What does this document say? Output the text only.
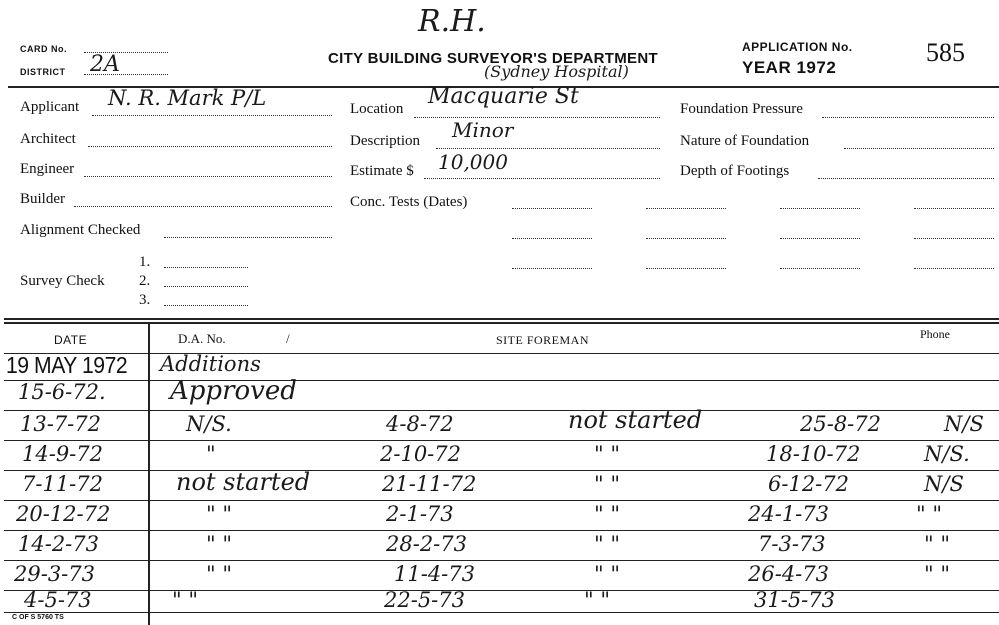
R.H.
CARD No.
DISTRICT 2A	CITY BUILDING SURVEYOR'S DEPARTMENT
(Sydney Hospital)
APPLICATION No.	585
YEAR 1972
Applicant N. R. Mark P/L
Architect
Engineer
Builder
Alignment Checked
Survey Check
1.
2.
3.
Location Macquarie St
Description Minor
Estimate $ 10,000
Conc. Tests (Dates)
Foundation Pressure
Nature of Foundation
Depth of Footings
DATE	D.A. No.	/	SITE FOREMAN	Phone
19 MAY 1972 Additions
15-6-72. Approved
13-7-72	N/S.	4-8-72	not started	25-8-72	N/S
14-9-72	"	2-10-72	" "	18-10-72	N/S.
7-11-72	not started	21-11-72	" "	6-12-72	N/S
20-12-72	" "	2-1-73	" "	24-1-73	" "
14-2-73	" "	28-2-73	" "	7-3-73	" "
29-3-73	" "	11-4-73	" "	26-4-73	" "
4-5-73	" "	22-5-73	" "	31-5-73
C OF S 5760 TS
